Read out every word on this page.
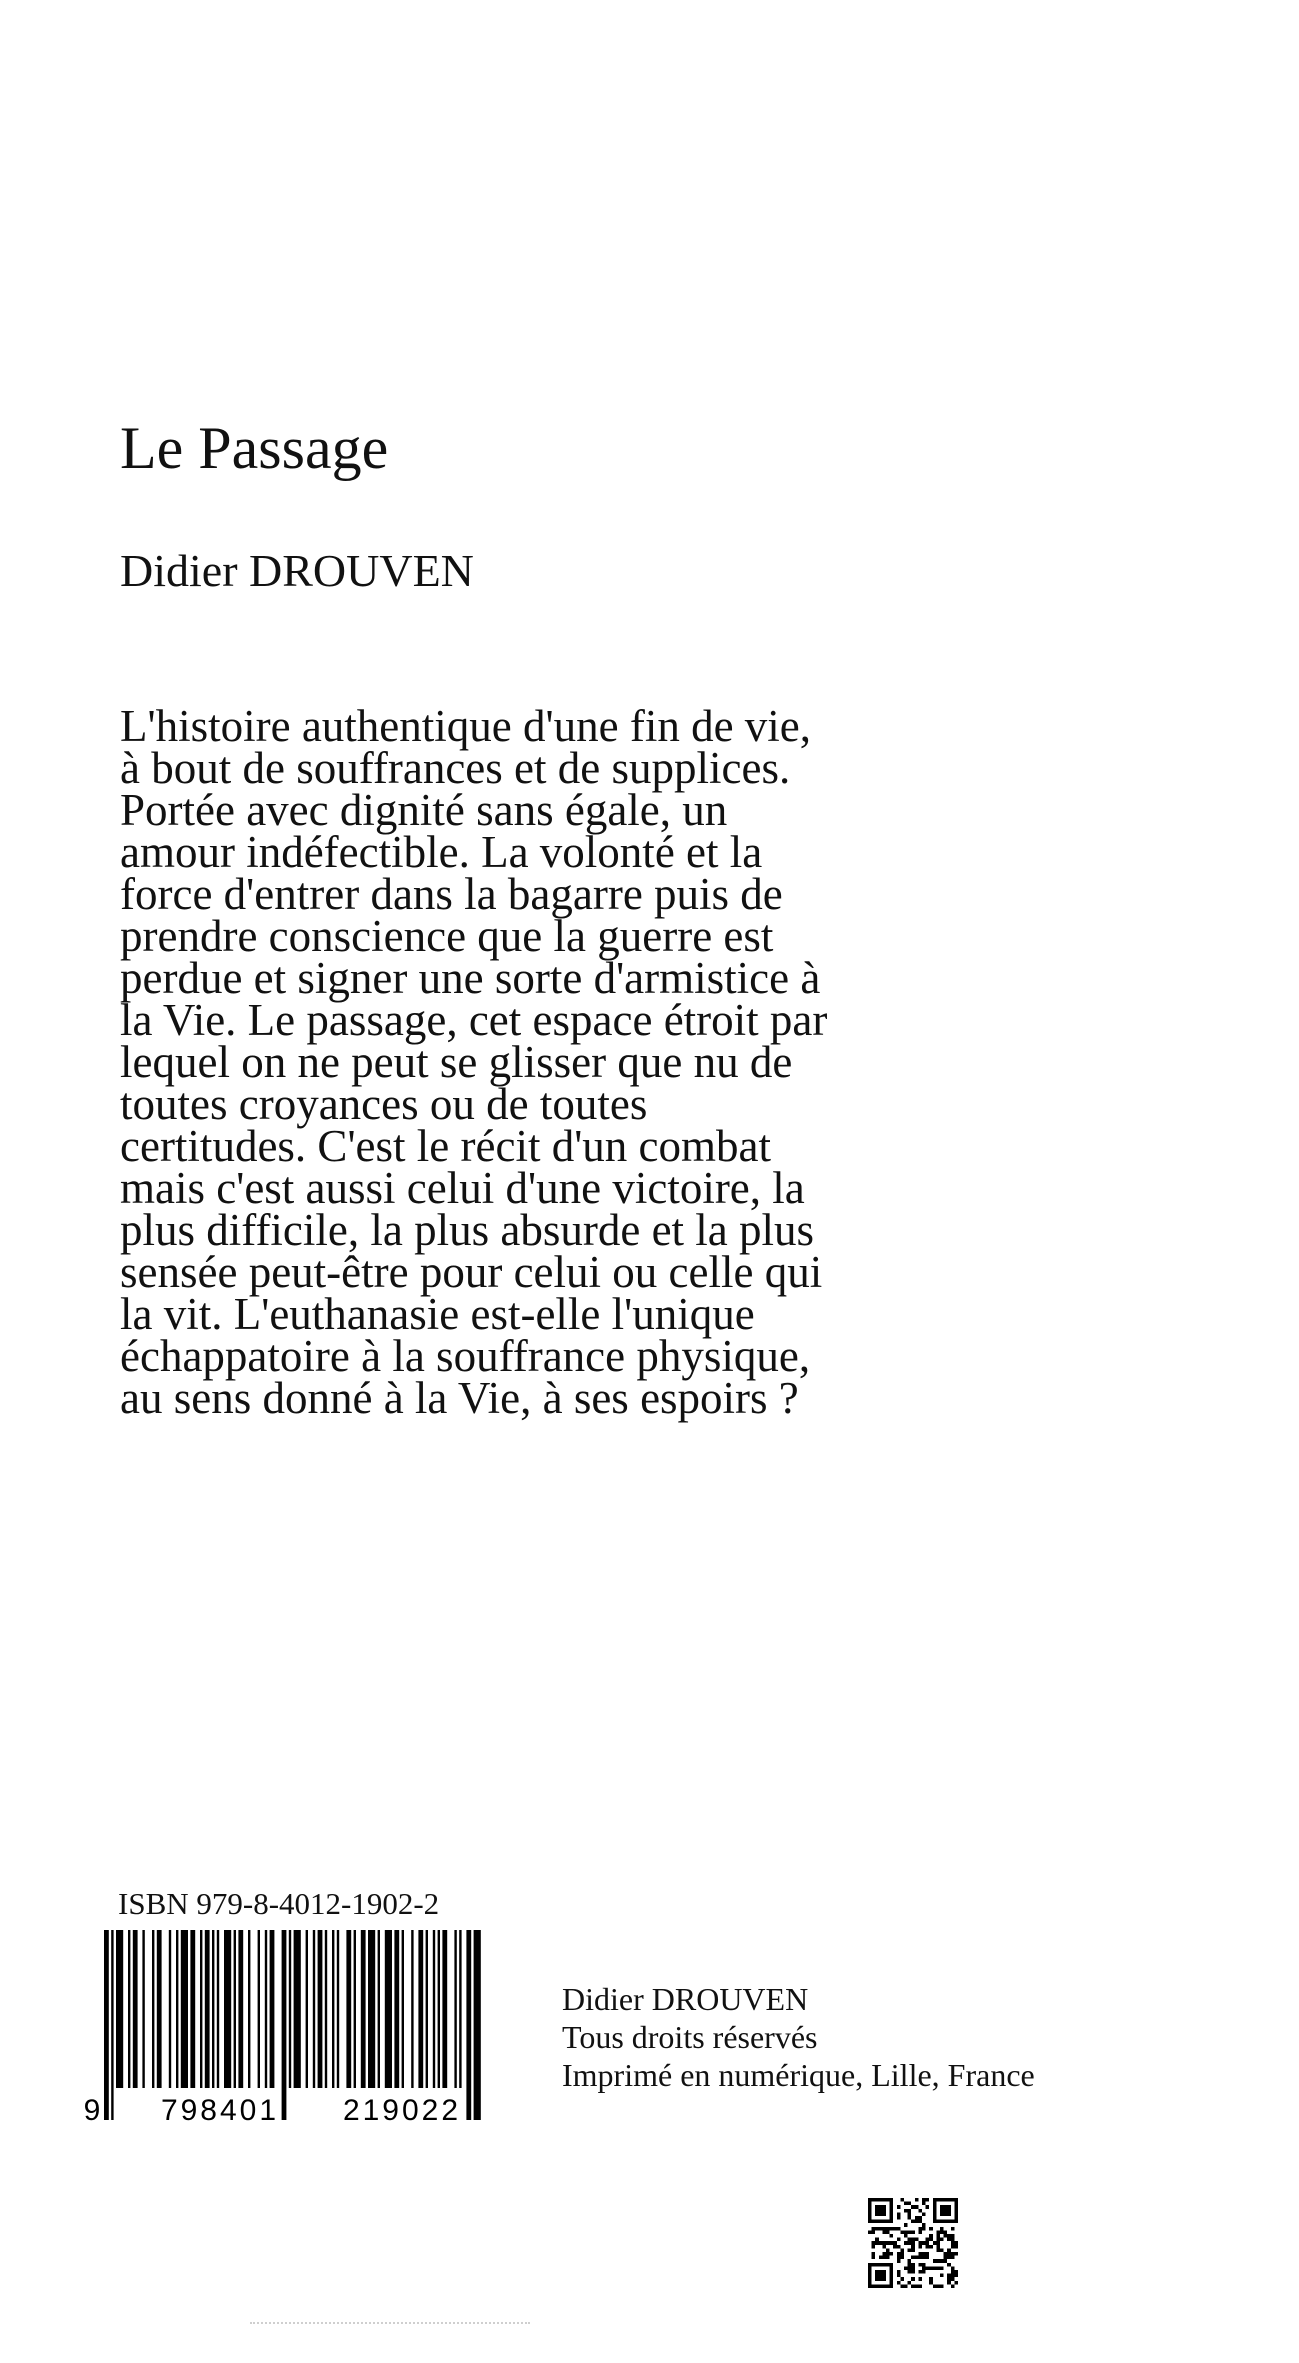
Le Passage
Didier DROUVEN
L'histoire authentique d'une fin de vie,
à bout de souffrances et de supplices.
Portée avec dignité sans égale, un
amour indéfectible. La volonté et la
force d'entrer dans la bagarre puis de
prendre conscience que la guerre est
perdue et signer une sorte d'armistice à
la Vie. Le passage, cet espace étroit par
lequel on ne peut se glisser que nu de
toutes croyances ou de toutes
certitudes. C'est le récit d'un combat
mais c'est aussi celui d'une victoire, la
plus difficile, la plus absurde et la plus
sensée peut-être pour celui ou celle qui
la vit. L'euthanasie est-elle l'unique
échappatoire à la souffrance physique,
au sens donné à la Vie, à ses espoirs ?
ISBN 979-8-4012-1902-2
9 798401 219022
Didier DROUVEN
Tous droits réservés
Imprimé en numérique, Lille, France
